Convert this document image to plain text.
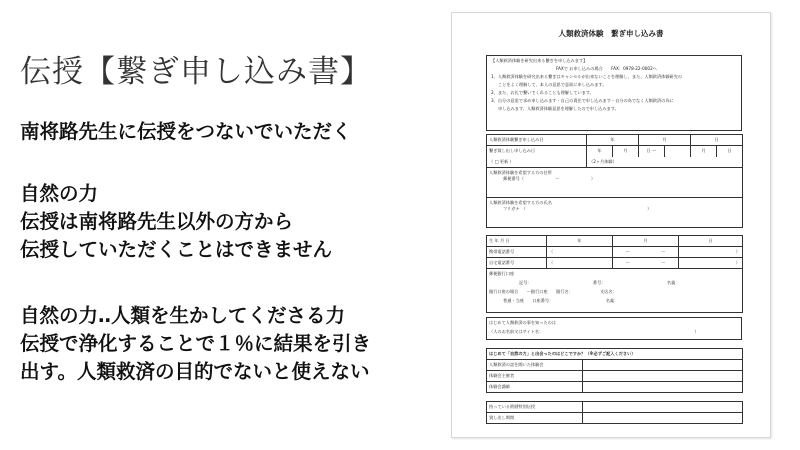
伝授【繋ぎ申し込み書】
南将路先生に伝授をつないでいただく
自然の力
伝授は南将路先生以外の方から
伝授していただくことはできません
自然の力‥人類を生かしてくださる力
伝授で浄化することで１％に結果を引き
出す。人類救済の目的でないと使えない
人類救済体験　繋ぎ申し込み書
【人類救済体験を研究出来る繋ぎを申し込みます】
FAXで お申し込みの場合　　FAX：0978-22-0002へ
1、人類救済体験を研究出来る繋ぎはキャンセルが出来ないことを理解し、また、人類救済体験研究の
ことをよく理解して、本人の意思で意欲に申し込みます。
2、また、お礼で繋いでくれることも理解しています。
3、自分の意思で求め申し込みます・自己の責任で申し込みます・自分の為でなく人類救済の為に
申し込みます。人類救済体験意思を理解したので申し込みます。
人類救済体験繋ぎ申し込み日	年		月		日	
繋ぎ貸し出し申し込み日	年	月	日 ～		月	日
（ □ 更新 ）	（2ヶ月体験）					

人類救済体験を希望する方の住所
郵便番号（ ー ）						

人類救済体験を希望する方の氏名
フリガナ　（ ）						
生 年 月 日	年	月	日
携帯電話番号	（	ー ー	）
自宅電話番号	（	ー ー	）

郵便銀行口座
記号： 番号： 名義：
銀行口座の場合　　ー銀行口座　　銀行名：　　　　　　　支店名：
普通・当座　　口座番号：　　　　　　　　　　　　　名義：			
はじめて人類救済の事を知ったのは
（人のお名前又はサイト名：	）
はじめて「自然の力」と出会ったのはどこですか？（※必ずご記入ください）	
人類救済の話を聞いた体験会	
体験会主催者	
体験会講師	
持っている術暦特別伝授	
貸し出し期間	
